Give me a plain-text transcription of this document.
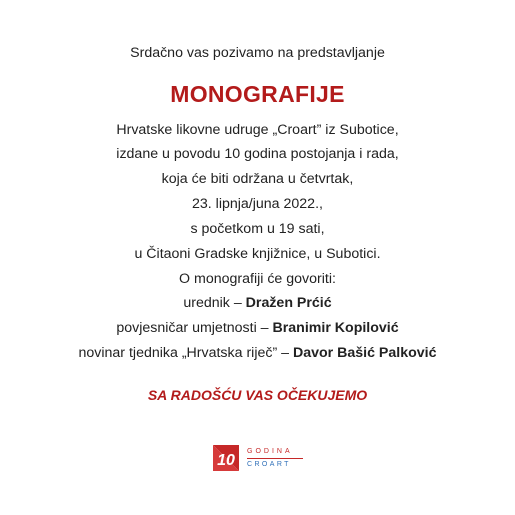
Srdačno vas pozivamo na predstavljanje
MONOGRAFIJE
Hrvatske likovne udruge „Croart” iz Subotice,
izdane u povodu 10 godina postojanja i rada,
koja će biti održana u četvrtak,
23. lipnja/juna 2022.,
s početkom u 19 sati,
u Čitaoni Gradske knjižnice, u Subotici.
O monografiji će govoriti:
urednik – Dražen Prćić
povjesničar umjetnosti – Branimir Kopilović
novinar tjednika „Hrvatska riječ” – Davor Bašić Palković
SA RADOŠĆU VAS OČEKUJEMO
10
GODINA
CROART
